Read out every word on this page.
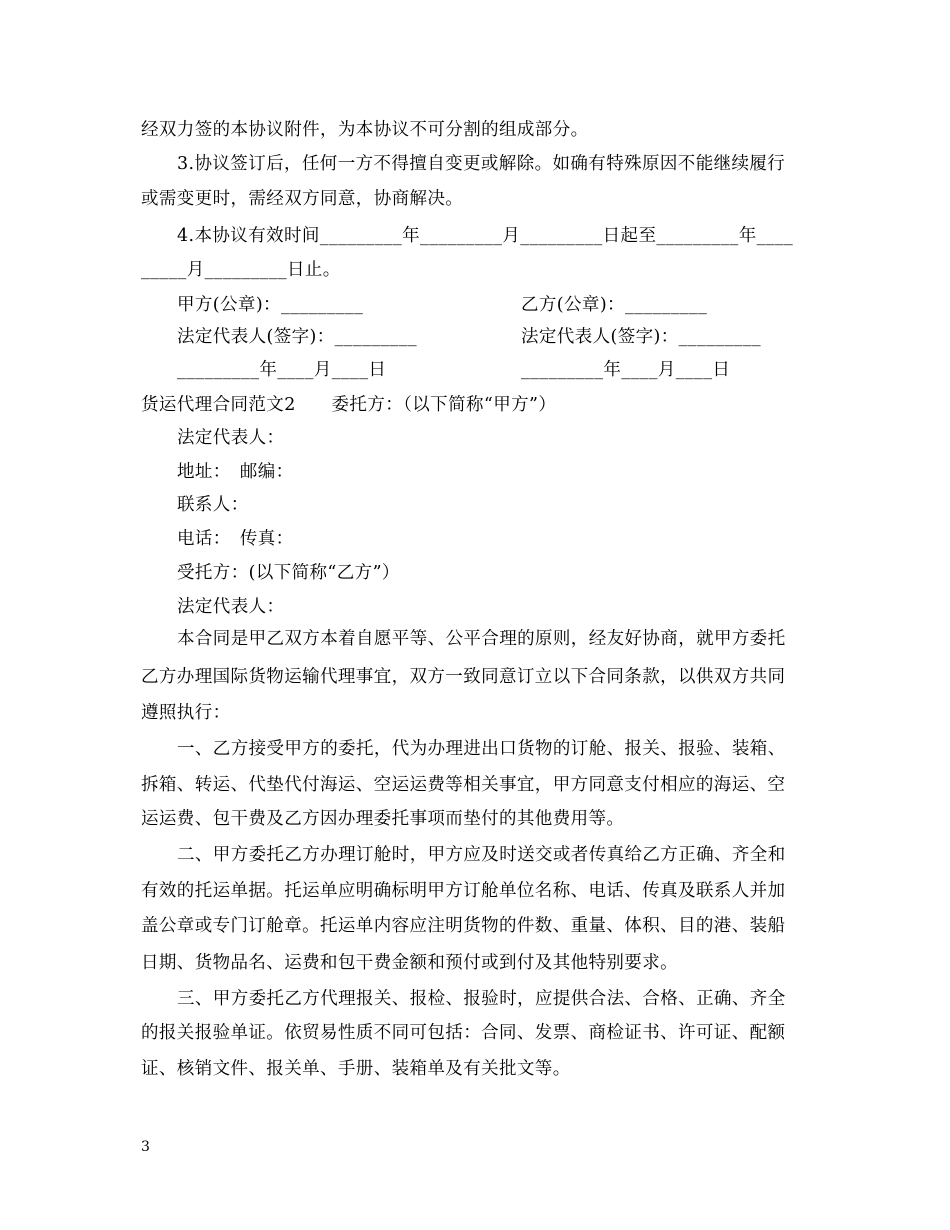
经双力签的本协议附件，为本协议不可分割的组成部分。
3.协议签订后，任何一方不得擅自变更或解除。如确有特殊原因不能继续履行
或需变更时，需经双方同意，协商解决。
4.本协议有效时间_________年_________月_________日起至_________年____
_____月_________日止。
甲方(公章)：_________	乙方(公章)：_________
法定代表人(签字)：_________	法定代表人(签字)：_________
_________年____月____日	_________年____月____日
货运代理合同范文2　　委托方：（以下简称“甲方”）
法定代表人：
地址：　邮编：
联系人：
电话：　传真：
受托方：(以下简称“乙方”）
法定代表人：
本合同是甲乙双方本着自愿平等、公平合理的原则，经友好协商，就甲方委托
乙方办理国际货物运输代理事宜，双方一致同意订立以下合同条款，以供双方共同
遵照执行：
一、乙方接受甲方的委托，代为办理进出口货物的订舱、报关、报验、装箱、
拆箱、转运、代垫代付海运、空运运费等相关事宜，甲方同意支付相应的海运、空
运运费、包干费及乙方因办理委托事项而垫付的其他费用等。
二、甲方委托乙方办理订舱时，甲方应及时送交或者传真给乙方正确、齐全和
有效的托运单据。托运单应明确标明甲方订舱单位名称、电话、传真及联系人并加
盖公章或专门订舱章。托运单内容应注明货物的件数、重量、体积、目的港、装船
日期、货物品名、运费和包干费金额和预付或到付及其他特别要求。
三、甲方委托乙方代理报关、报检、报验时，应提供合法、合格、正确、齐全
的报关报验单证。依贸易性质不同可包括：合同、发票、商检证书、许可证、配额
证、核销文件、报关单、手册、装箱单及有关批文等。
3
